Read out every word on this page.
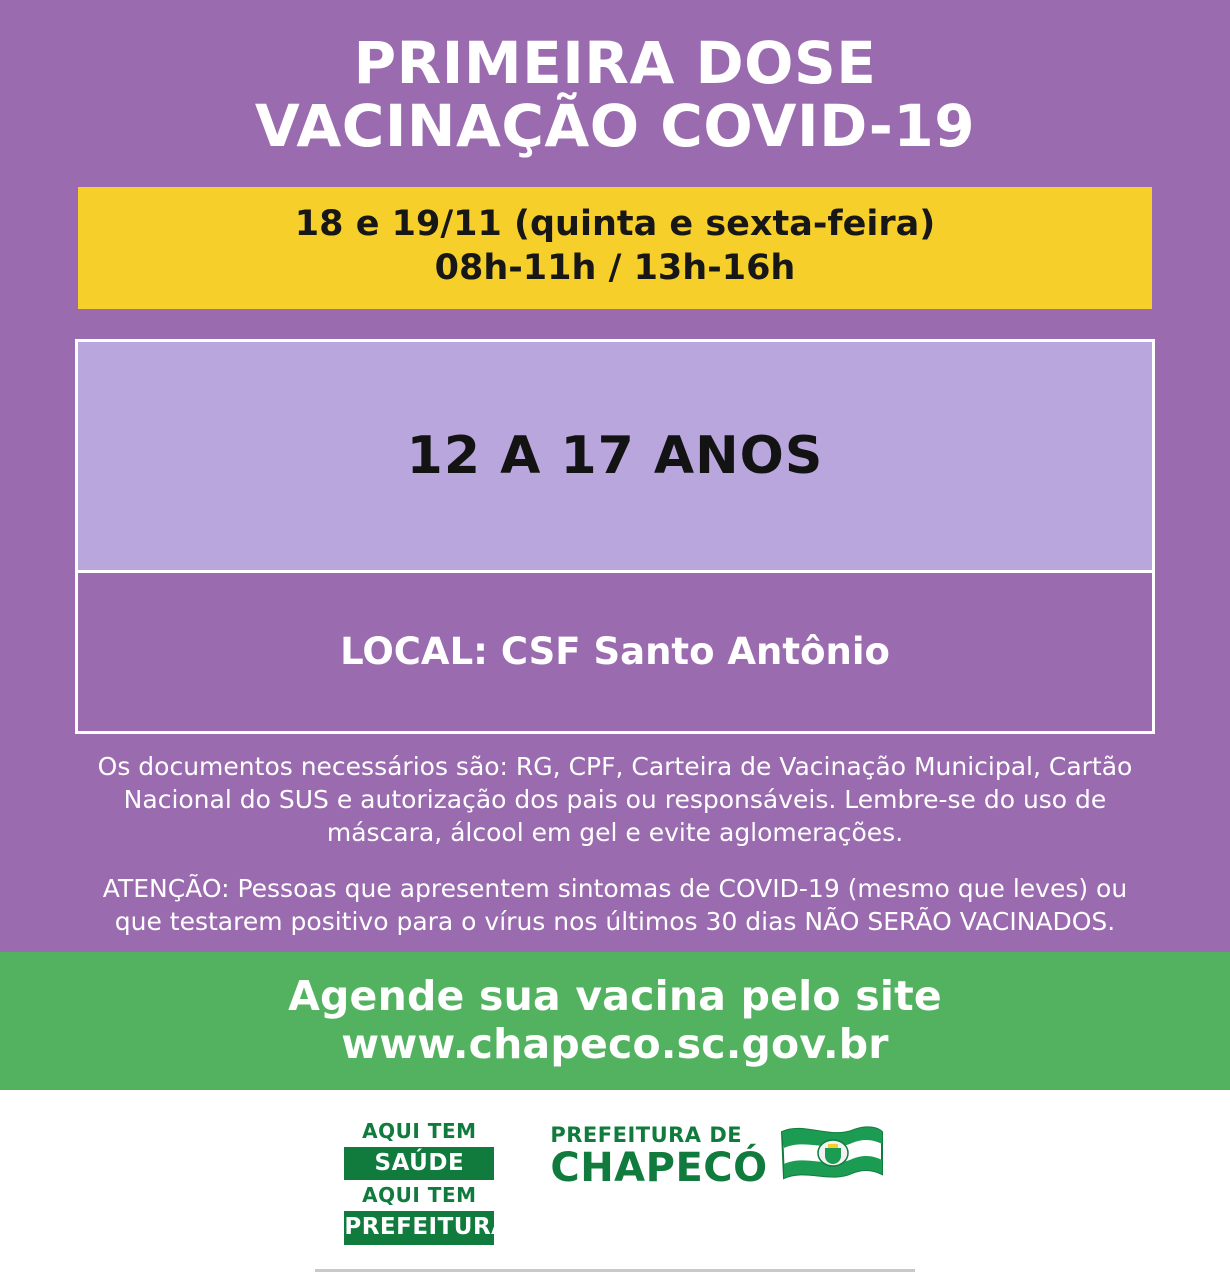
PRIMEIRA DOSE
VACINAÇÃO COVID-19
18 e 19/11 (quinta e sexta-feira)
08h-11h / 13h-16h
12 A 17 ANOS
LOCAL: CSF Santo Antônio

Os documentos necessários são: RG, CPF, Carteira de Vacinação Municipal, Cartão Nacional do SUS e autorização dos pais ou responsáveis. Lembre-se do uso de máscara, álcool em gel e evite aglomerações.

ATENÇÃO: Pessoas que apresentem sintomas de COVID-19 (mesmo que leves) ou que testarem positivo para o vírus nos últimos 30 dias NÃO SERÃO VACINADOS.

Agende sua vacina pelo site www.chapeco.sc.gov.br
AQUI TEM
SAÚDE
AQUI TEM
PREFEITURA
PREFEITURA DE
CHAPECÓ
